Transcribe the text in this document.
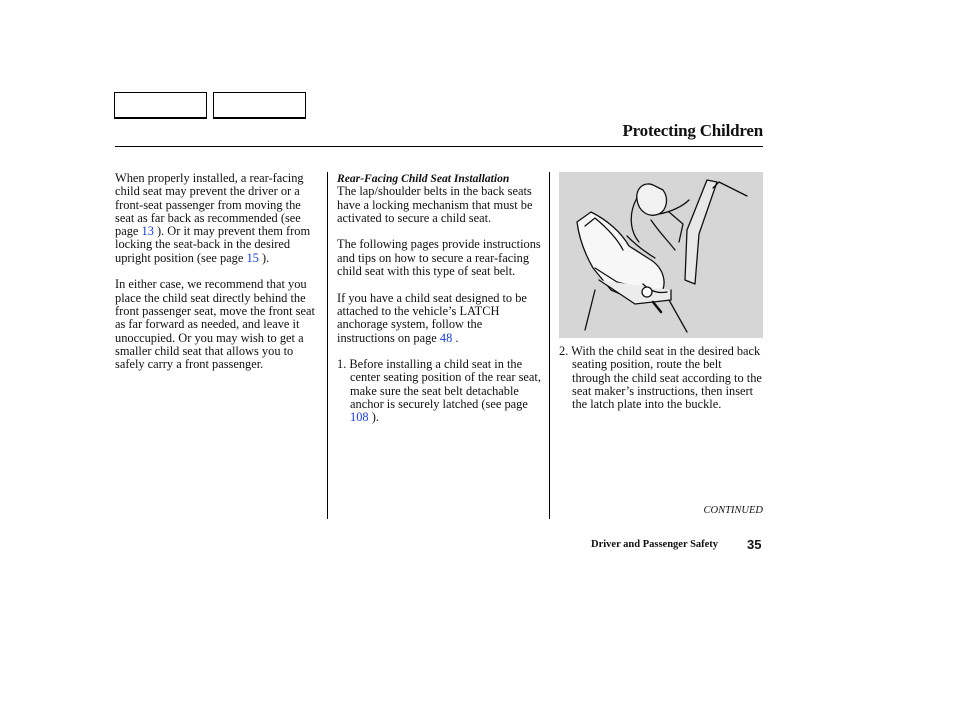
Protecting Children

When properly installed, a rear-facing child seat may prevent the driver or a front-seat passenger from moving the seat as far back as recommended (see page 13 ). Or it may prevent them from locking the seat-back in the desired upright position (see page 15 ).

In either case, we recommend that you place the child seat directly behind the front passenger seat, move the front seat as far forward as needed, and leave it unoccupied. Or you may wish to get a smaller child seat that allows you to safely carry a front passenger.

Rear-Facing Child Seat Installation

The lap/shoulder belts in the back seats have a locking mechanism that must be activated to secure a child seat.

The following pages provide instructions and tips on how to secure a rear-facing child seat with this type of seat belt.

If you have a child seat designed to be attached to the vehicle’s LATCH anchorage system, follow the instructions on page 48 .

1. Before installing a child seat in the center seating position of the rear seat, make sure the seat belt detachable anchor is securely latched (see page 108 ).

2. With the child seat in the desired back seating position, route the belt through the child seat according to the seat maker’s instructions, then insert the latch plate into the buckle.

CONTINUED
Driver and Passenger Safety 35
